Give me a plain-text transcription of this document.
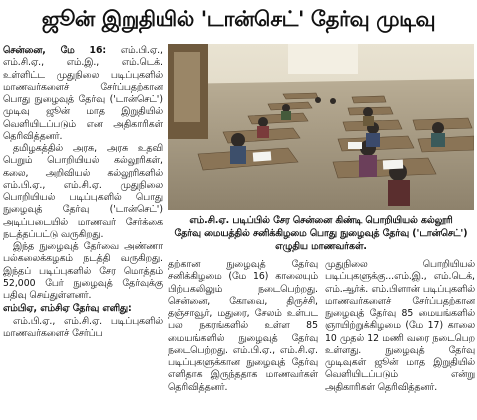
ஜூன் இறுதியில் 'டான்செட்' தேர்வு முடிவு

சென்னை, மே 16: எம்.பி.ஏ., எம்.சி.ஏ., எம்.இ., எம்.டெக். உள்ளிட்ட முதுநிலை படிப்புகளில் மாணவர்களைச் சேர்ப்பதற்கான பொது நுழைவுத் தேர்வு ('டான்செட்') முடிவு ஜூன் மாத இறுதியில் வெளியிடப்படும் என அதிகாரிகள் தெரிவித்தனர்.

தமிழகத்தில் அரசு, அரசு உதவி பெறும் பொறியியல் கல்லூரிகள், கலை, அறிவியல் கல்லூரிகளில் எம்.பி.ஏ., எம்.சி.ஏ. முதுநிலை பொறியியல் படிப்புகளில் பொது நுழைவுத் தேர்வு ('டான்செட்') அடிப்படையில் மாணவர் சேர்க்கை நடத்தப்பட்டு வருகிறது.

இந்த நுழைவுத் தேர்வை அண்ணா பல்கலைக்கழகம் நடத்தி வருகிறது. இந்தப் படிப்புகளில் சேர மொத்தம் 52,000 பேர் நுழைவுத் தேர்வுக்கு பதிவு செய்துள்ளனர்.

எம்பிஏ, எம்சிஏ தேர்வு எளிது:

எம்.பி.ஏ., எம்.சி.ஏ. படிப்புகளில் மாணவர்களைச் சேர்ப்ப

எம்.சி.ஏ. படிப்பில் சேர சென்னை கிண்டி பொறியியல் கல்லூரி
தேர்வு மையத்தில் சனிக்கிழமை பொது நுழைவுத் தேர்வு ('டான்செட்')
எழுதிய மாணவர்கள்.

தற்கான நுழைவுத் தேர்வு சனிக்கிழமை (மே 16) காலையும் பிற்பகலிலும் நடைபெற்றது. சென்னை, கோவை, திருச்சி, தஞ்சாவூர், மதுரை, சேலம் உள்பட பல நகரங்களில் உள்ள 85 மையங்களில் நுழைவுத் தேர்வு நடைபெற்றது. எம்.பி.ஏ., எம்.சி.ஏ. படிப்புகளுக்கான நுழைவுத் தேர்வு எளிதாக இருந்ததாக மாணவர்கள் தெரிவித்தனர்.

முதுநிலை பொறியியல் படிப்புகளுக்கு...எம்.இ., எம்.டெக், எம்.ஆர்க். எம்.பிளான் படிப்புகளில் மாணவர்களைச் சேர்ப்பதற்கான நுழைவுத் தேர்வு 85 மையங்களில் ஞாயிற்றுக்கிழமை (மே 17) காலை 10 முதல் 12 மணி வரை நடைபெற உள்ளது. நுழைவுத் தேர்வு முடிவுகள் ஜூன் மாத இறுதியில் வெளியிடப்படும் என்று அதிகாரிகள் தெரிவித்தனர்.
